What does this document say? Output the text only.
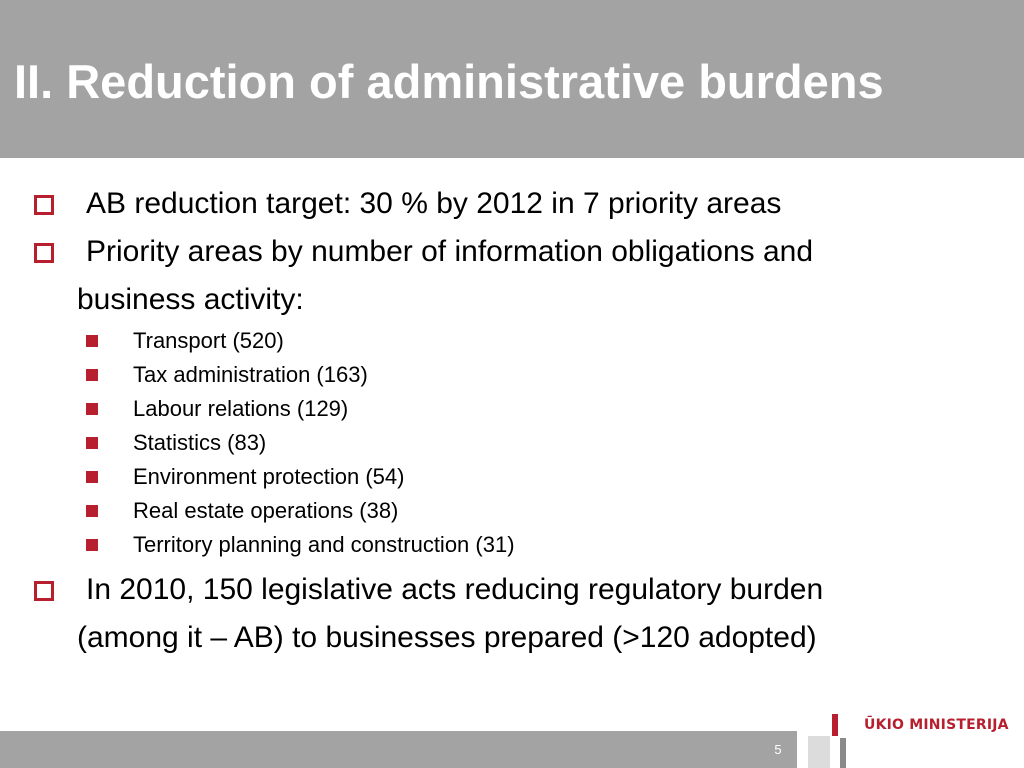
II. Reduction of administrative burdens
AB reduction target: 30 % by 2012 in 7 priority areas
Priority areas by number of information obligations and
business activity:
Transport (520)
Tax administration (163)
Labour relations (129)
Statistics (83)
Environment protection (54)
Real estate operations (38)
Territory planning and construction (31)
In 2010, 150 legislative acts reducing regulatory burden
(among it – AB) to businesses prepared (>120 adopted)
5
ŪKIO MINISTERIJA
